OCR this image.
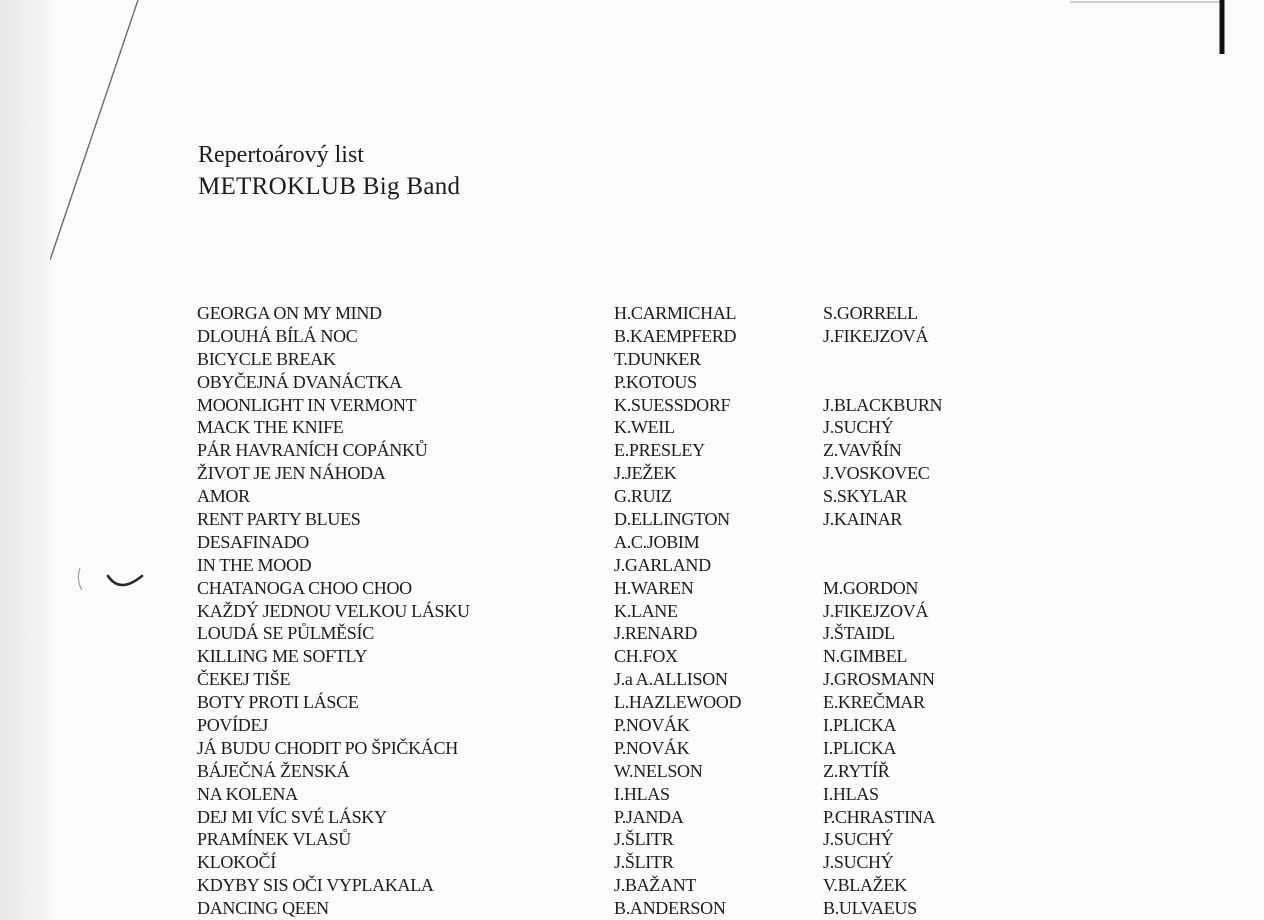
Repertoárový list
METROKLUB Big Band
GEORGA ON MY MIND	H.CARMICHAL	S.GORRELL
DLOUHÁ BÍLÁ NOC	B.KAEMPFERD	J.FIKEJZOVÁ
BICYCLE BREAK	T.DUNKER
OBYČEJNÁ DVANÁCTKA	P.KOTOUS
MOONLIGHT IN VERMONT	K.SUESSDORF	J.BLACKBURN
MACK THE KNIFE	K.WEIL	J.SUCHÝ
PÁR HAVRANÍCH COPÁNKŮ	E.PRESLEY	Z.VAVŘÍN
ŽIVOT JE JEN NÁHODA	J.JEŽEK	J.VOSKOVEC
AMOR	G.RUIZ	S.SKYLAR
RENT PARTY BLUES	D.ELLINGTON	J.KAINAR
DESAFINADO	A.C.JOBIM
IN THE MOOD	J.GARLAND
CHATANOGA CHOO CHOO	H.WAREN	M.GORDON
KAŽDÝ JEDNOU VELKOU LÁSKU	K.LANE	J.FIKEJZOVÁ
LOUDÁ SE PŮLMĚSÍC	J.RENARD	J.ŠTAIDL
KILLING ME SOFTLY	CH.FOX	N.GIMBEL
ČEKEJ TIŠE	J.a A.ALLISON	J.GROSMANN
BOTY PROTI LÁSCE	L.HAZLEWOOD	E.KREČMAR
POVÍDEJ	P.NOVÁK	I.PLICKA
JÁ BUDU CHODIT PO ŠPIČKÁCH	P.NOVÁK	I.PLICKA
BÁJEČNÁ ŽENSKÁ	W.NELSON	Z.RYTÍŘ
NA KOLENA	I.HLAS	I.HLAS
DEJ MI VÍC SVÉ LÁSKY	P.JANDA	P.CHRASTINA
PRAMÍNEK VLASŮ	J.ŠLITR	J.SUCHÝ
KLOKOČÍ	J.ŠLITR	J.SUCHÝ
KDYBY SIS OČI VYPLAKALA	J.BAŽANT	V.BLAŽEK
DANCING QEEN	B.ANDERSON	B.ULVAEUS
